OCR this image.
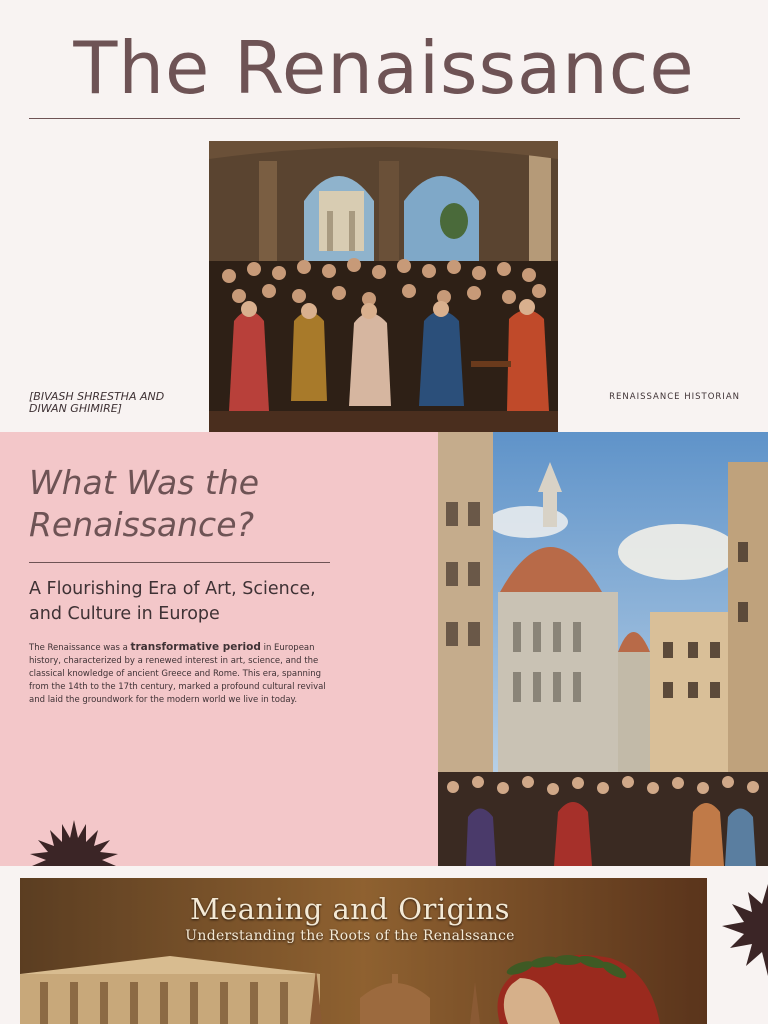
The Renaissance
[BIVASH SHRESTHA AND DIWAN GHIMIRE]
RENAISSANCE HISTORIAN
What Was the Renaissance?
A Flourishing Era of Art, Science, and Culture in Europe
The Renaissance was a transformative period in European history, characterized by a renewed interest in art, science, and the classical knowledge of ancient Greece and Rome. This era, spanning from the 14th to the 17th century, marked a profound cultural revival and laid the groundwork for the modern world we live in today.
Meaning and Origins
Understanding the Roots of the Renalssance
